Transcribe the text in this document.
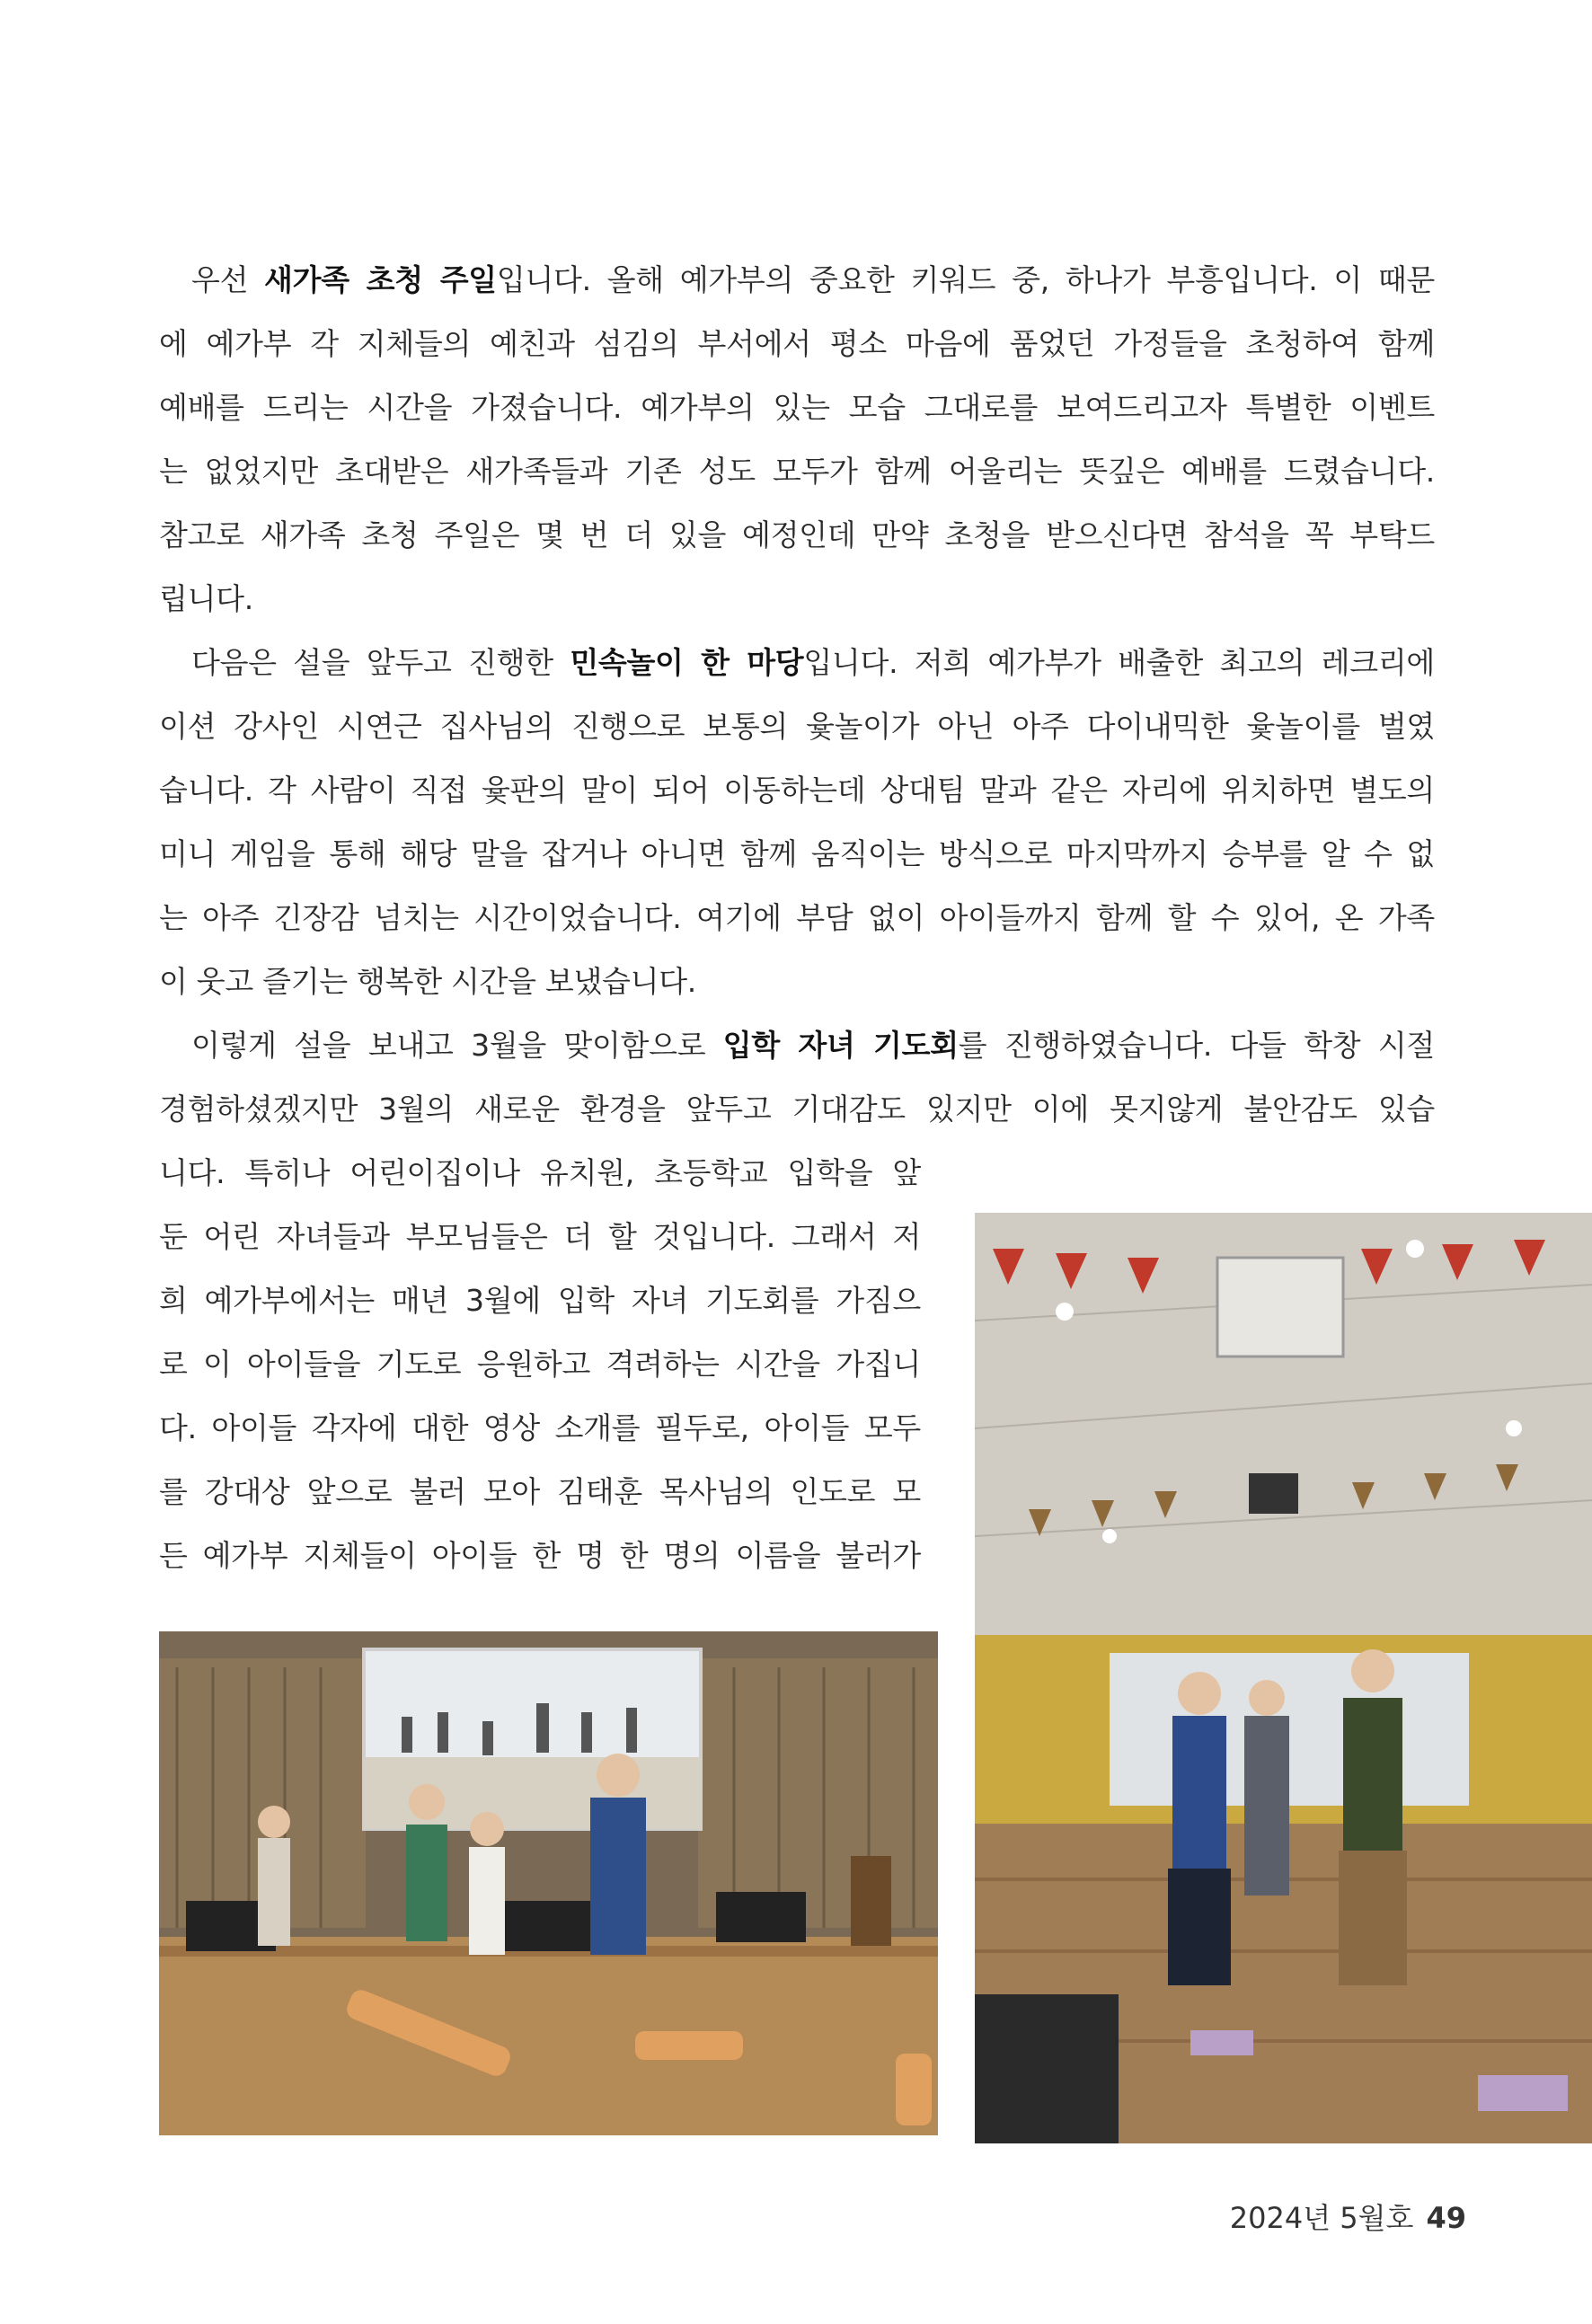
우선 새가족 초청 주일입니다. 올해 예가부의 중요한 키워드 중, 하나가 부흥입니다. 이 때문
에 예가부 각 지체들의 예친과 섬김의 부서에서 평소 마음에 품었던 가정들을 초청하여 함께
예배를 드리는 시간을 가졌습니다. 예가부의 있는 모습 그대로를 보여드리고자 특별한 이벤트
는 없었지만 초대받은 새가족들과 기존 성도 모두가 함께 어울리는 뜻깊은 예배를 드렸습니다.
참고로 새가족 초청 주일은 몇 번 더 있을 예정인데 만약 초청을 받으신다면 참석을 꼭 부탁드
립니다.
다음은 설을 앞두고 진행한 민속놀이 한 마당입니다. 저희 예가부가 배출한 최고의 레크리에
이션 강사인 시연근 집사님의 진행으로 보통의 윷놀이가 아닌 아주 다이내믹한 윷놀이를 벌였
습니다. 각 사람이 직접 윷판의 말이 되어 이동하는데 상대팀 말과 같은 자리에 위치하면 별도의
미니 게임을 통해 해당 말을 잡거나 아니면 함께 움직이는 방식으로 마지막까지 승부를 알 수 없
는 아주 긴장감 넘치는 시간이었습니다. 여기에 부담 없이 아이들까지 함께 할 수 있어, 온 가족
이 웃고 즐기는 행복한 시간을 보냈습니다.
이렇게 설을 보내고 3월을 맞이함으로 입학 자녀 기도회를 진행하였습니다. 다들 학창 시절
경험하셨겠지만 3월의 새로운 환경을 앞두고 기대감도 있지만 이에 못지않게 불안감도 있습
니다. 특히나 어린이집이나 유치원, 초등학교 입학을 앞
둔 어린 자녀들과 부모님들은 더 할 것입니다. 그래서 저
희 예가부에서는 매년 3월에 입학 자녀 기도회를 가짐으
로 이 아이들을 기도로 응원하고 격려하는 시간을 가집니
다. 아이들 각자에 대한 영상 소개를 필두로, 아이들 모두
를 강대상 앞으로 불러 모아 김태훈 목사님의 인도로 모
든 예가부 지체들이 아이들 한 명 한 명의 이름을 불러가
2024년 5월호 49
